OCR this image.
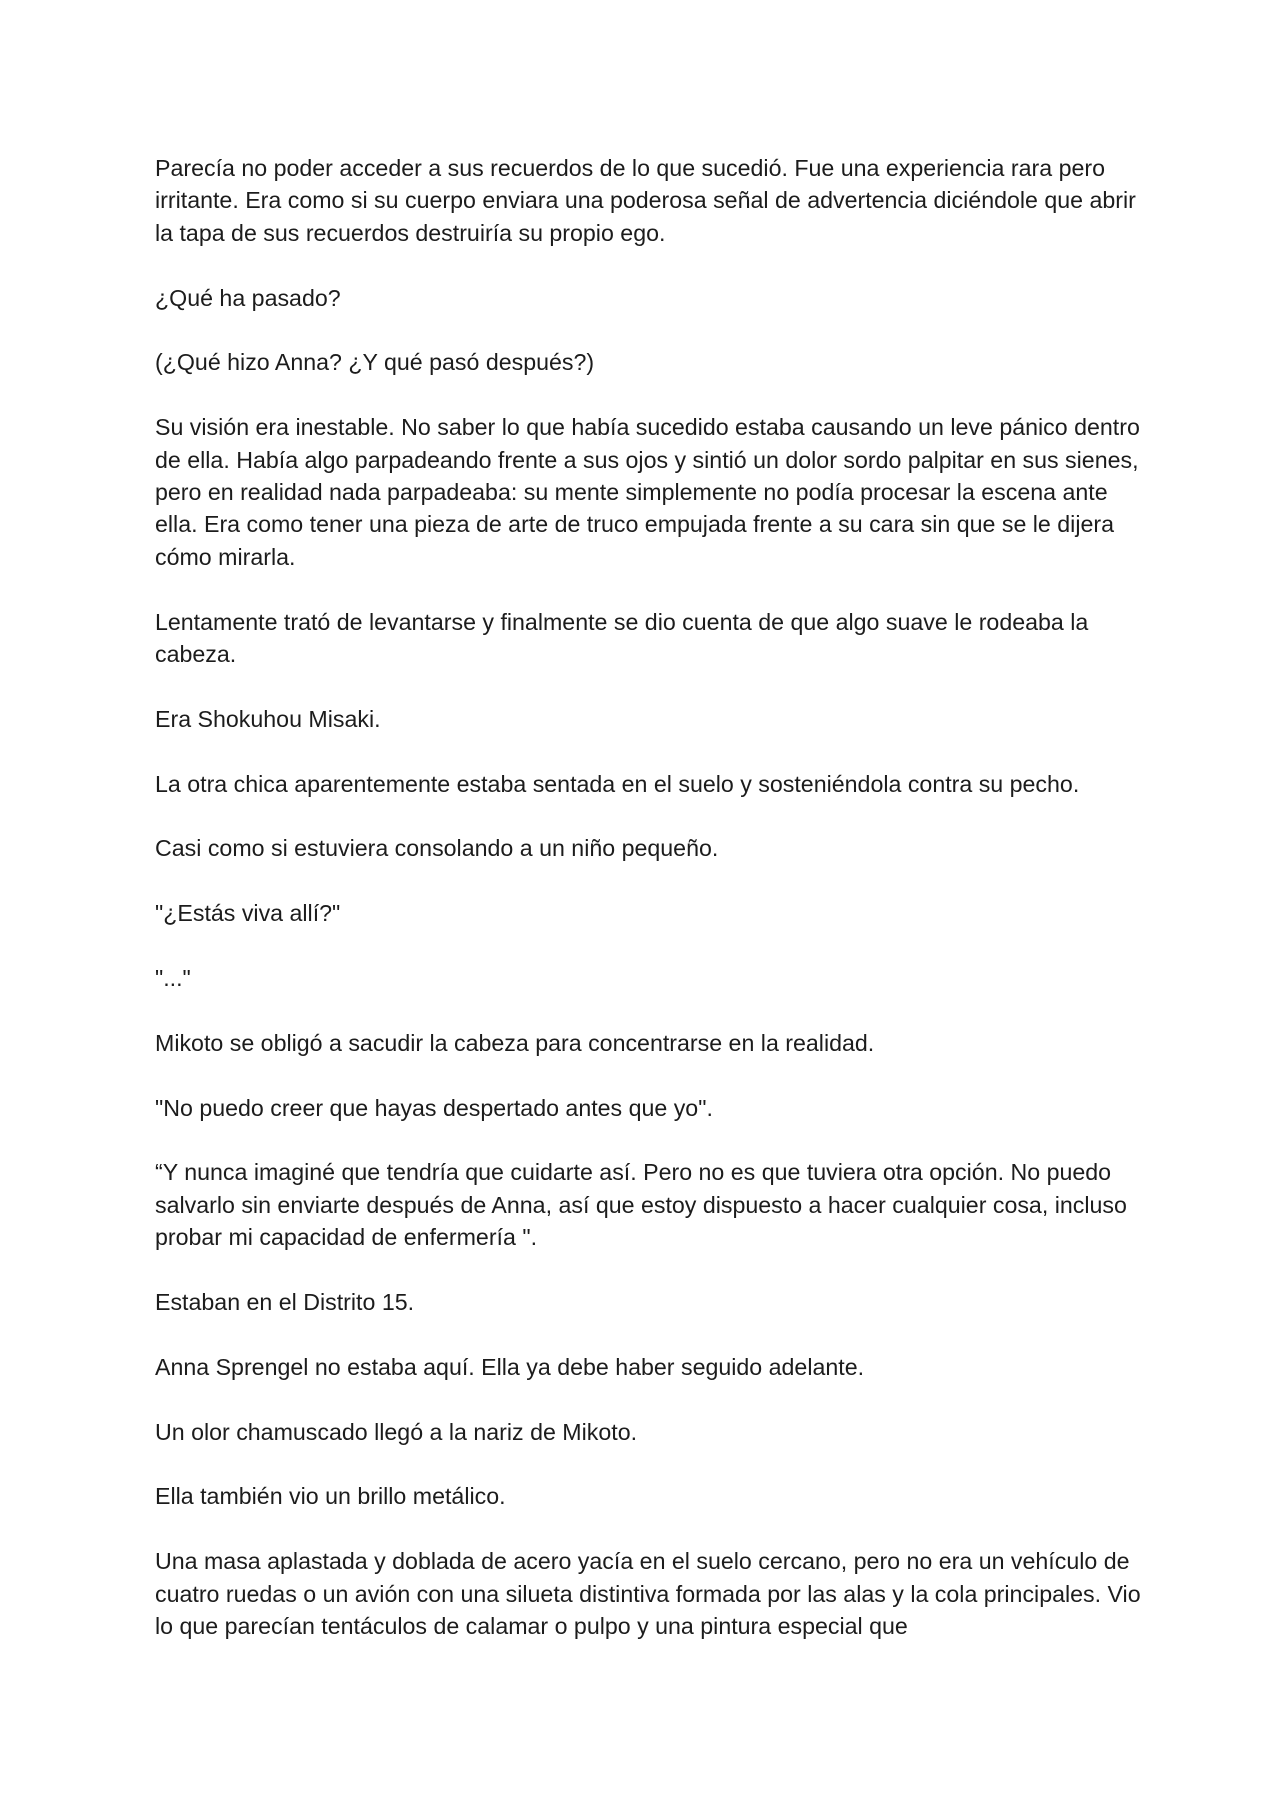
Parecía no poder acceder a sus recuerdos de lo que sucedió. Fue una experiencia rara pero irritante. Era como si su cuerpo enviara una poderosa señal de advertencia diciéndole que abrir la tapa de sus recuerdos destruiría su propio ego.

¿Qué ha pasado?

(¿Qué hizo Anna? ¿Y qué pasó después?)

Su visión era inestable. No saber lo que había sucedido estaba causando un leve pánico dentro de ella. Había algo parpadeando frente a sus ojos y sintió un dolor sordo palpitar en sus sienes, pero en realidad nada parpadeaba: su mente simplemente no podía procesar la escena ante ella. Era como tener una pieza de arte de truco empujada frente a su cara sin que se le dijera cómo mirarla.

Lentamente trató de levantarse y finalmente se dio cuenta de que algo suave le rodeaba la cabeza.

Era Shokuhou Misaki.

La otra chica aparentemente estaba sentada en el suelo y sosteniéndola contra su pecho.

Casi como si estuviera consolando a un niño pequeño.

"¿Estás viva allí?"

"..."

Mikoto se obligó a sacudir la cabeza para concentrarse en la realidad.

"No puedo creer que hayas despertado antes que yo".

“Y nunca imaginé que tendría que cuidarte así. Pero no es que tuviera otra opción. No puedo salvarlo sin enviarte después de Anna, así que estoy dispuesto a hacer cualquier cosa, incluso probar mi capacidad de enfermería ".

Estaban en el Distrito 15.

Anna Sprengel no estaba aquí. Ella ya debe haber seguido adelante.

Un olor chamuscado llegó a la nariz de Mikoto.

Ella también vio un brillo metálico.

Una masa aplastada y doblada de acero yacía en el suelo cercano, pero no era un vehículo de cuatro ruedas o un avión con una silueta distintiva formada por las alas y la cola principales. Vio lo que parecían tentáculos de calamar o pulpo y una pintura especial que
